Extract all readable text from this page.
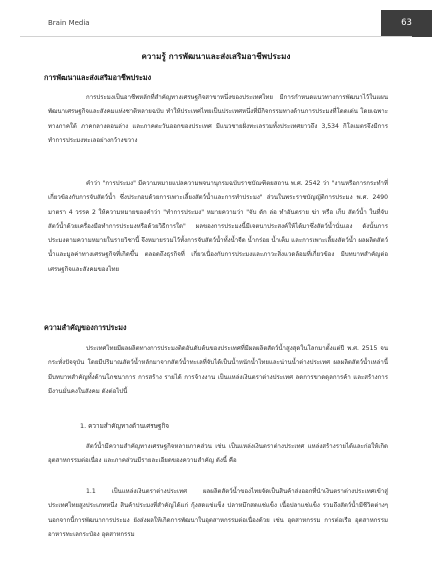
Brain Media	63
ความรู้ การพัฒนาและส่งเสริมอาชีพประมง
การพัฒนาและส่งเสริมอาชีพประมง

การประมงเป็นอาชีพหลักที่สำคัญทางเศรษฐกิจสาขาหนึ่งของประเทศไทย มีการกำหนดแนวทางการพัฒนาไว้ในแผนพัฒนาเศรษฐกิจและสังคมแห่งชาติหลายฉบับ ทำให้ประเทศไทยเป็นประเทศหนึ่งที่มีกิจกรรมทางด้านการประมงที่โดดเด่น โดยเฉพาะทางภาคใต้ ภาคกลางตอนล่าง และภาคตะวันออกของประเทศ มีแนวชายฝั่งทะเลรวมทั้งประเทศยาวถึง 3,534 กิโลเมตรจึงมีการทำการประมงทะเลอย่างกว้างขวาง

คำว่า "การประมง" มีความหมายแปลความพจนานุกรมฉบับราชบัณฑิตยสถาน พ.ศ. 2542 ว่า "งานหรือการกระทำที่เกี่ยวข้องกับการจับสัตว์น้ำ ซึ่งประกอบด้วยการเพาะเลี้ยงสัตว์น้ำและการทำประมง" ส่วนในพระราชบัญญัติการประมง พ.ศ. 2490 มาตรา 4 วรรค 2 ให้ความหมายของคำว่า "ทำการประมง" หมายความว่า "จับ ดัก ล่อ ทำอันตราย ฆ่า หรือ เก็บ สัตว์น้ำ ในที่จับสัตว์น้ำด้วยเครื่องมือทำการประมงหรือด้วยวิธีการใด" ผลของการประมงนี้มีเจตนาประสงค์ให้ได้มาซึ่งสัตว์น้ำนั่นเอง ดังนั้นการประมงตามความหมายในรายวิชานี้ จึงหมายรวมไว้ทั้งการจับสัตว์น้ำทั้งน้ำจืด น้ำกร่อย น้ำเค็ม และการเพาะเลี้ยงสัตว์น้ำ ผลผลิตสัตว์น้ำและมูลค่าทางเศรษฐกิจที่เกิดขึ้น ตลอดถึงธุรกิจที่ เกี่ยวเนื่องกับการประมงและภาวะสิ่งแวดล้อมที่เกี่ยวข้อง มีบทบาทสำคัญต่อเศรษฐกิจและสังคมของไทย

ความสำคัญของการประมง

ประเทศไทยมีผลผลิตทางการประมงติดอันดับต้นของประเทศที่มีผลผลิตสัตว์น้ำสูงสุดในโลกมาตั้งแต่ปี พ.ศ. 2515 จนกระทั่งปัจจุบัน โดยมีปริมาณสัตว์น้ำหลักมาจากสัตว์น้ำทะเลที่จับได้เป็นน้ำหนักน้ำไทยและน่านน้ำต่างประเทศ ผลผลิตสัตว์น้ำเหล่านี้มีบทบาทสำคัญทั้งด้านโภชนาการ การสร้าง รายได้ การจ้างงาน เป็นแหล่งเงินตราต่างประเทศ ลดการขาดดุลการค้า และสร้างการมีงานมั่นคงในสังคม ดังต่อไปนี้

1. ความสำคัญทางด้านเศรษฐกิจ

สัตว์น้ำมีความสำคัญทางเศรษฐกิจหลายภาคส่วน เช่น เป็นแหล่งเงินตราต่างประเทศ แหล่งสร้างรายได้และก่อให้เกิดอุตสาหกรรมต่อเนื่อง และภาคส่วนมีรายละเอียดของความสำคัญ ดังนี้ คือ

1.1 เป็นแหล่งเงินตราต่างประเทศ ผลผลิตสัตว์น้ำของไทยจัดเป็นสินค้าส่งออกที่นำเงินตราต่างประเทศเข้าสู่ประเทศไทยสูงประเภทหนึ่ง สินค้าประมงที่สำคัญได้แก่ กุ้งสดแช่แข็ง ปลาหมึกสดแช่แข็ง เนื้อปลาแช่แข็ง รวมถึงสัตว์น้ำมีชีวิตต่างๆ นอกจากนี้การพัฒนาการประมง ยังส่งผลให้เกิดการพัฒนาในอุตสาหกรรมต่อเนื่องด้วย เช่น อุตสาหกรรม การต่อเรือ อุตสาหกรรมอาหารทะเลกระป๋อง อุตสาหกรรม
